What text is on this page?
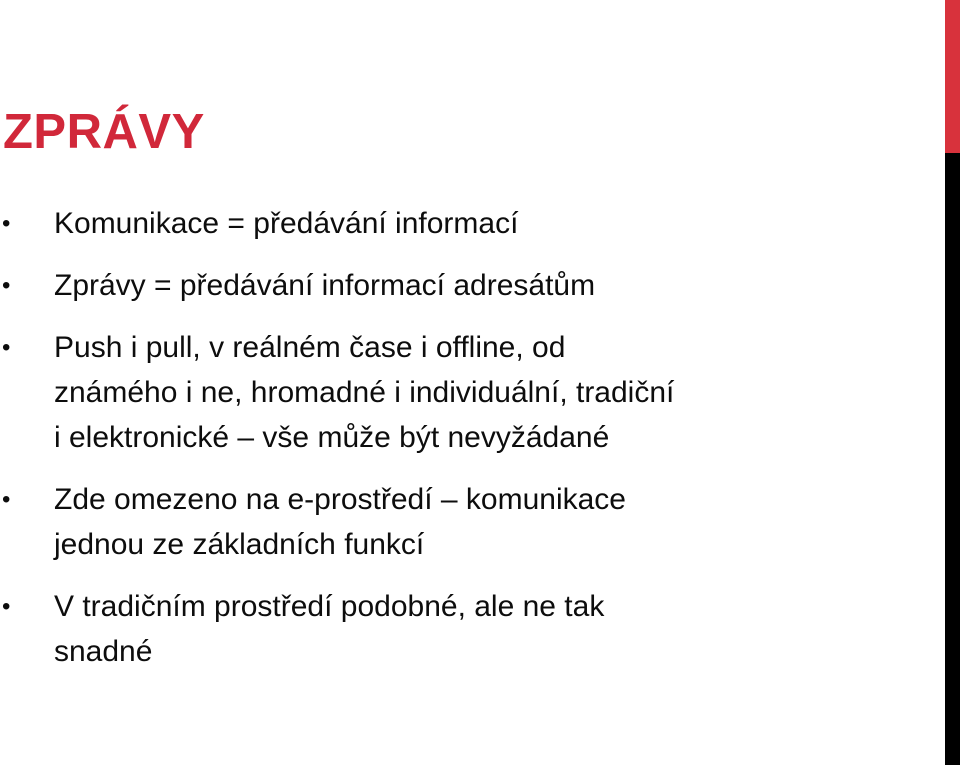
ZPRÁVY
• Komunikace = předávání informací
• Zprávy = předávání informací adresátům
• Push i pull, v reálném čase i offline, od
známého i ne, hromadné i individuální, tradiční
i elektronické – vše může být nevyžádané
• Zde omezeno na e-prostředí – komunikace
jednou ze základních funkcí
• V tradičním prostředí podobné, ale ne tak
snadné
